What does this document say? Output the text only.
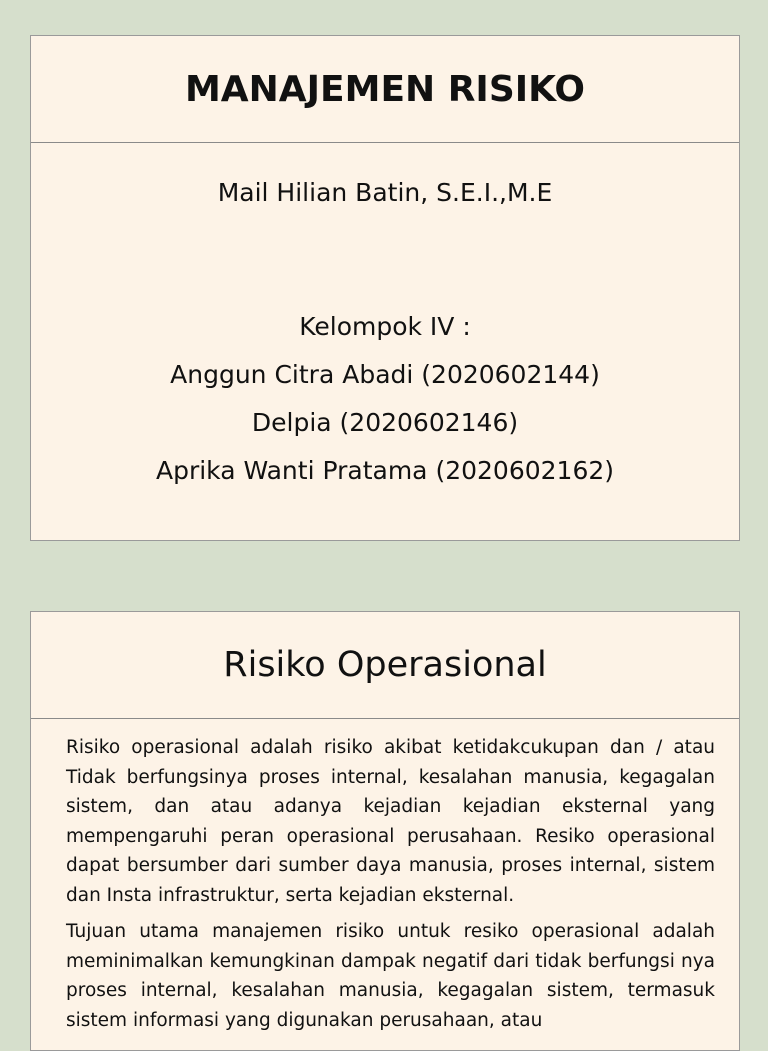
MANAJEMEN RISIKO
Mail Hilian Batin, S.E.I.,M.E
Kelompok IV :
Anggun Citra Abadi (2020602144)
Delpia (2020602146)
Aprika Wanti Pratama (2020602162)
Risiko Operasional

Risiko operasional adalah risiko akibat ketidakcukupan dan / atau Tidak berfungsinya proses internal, kesalahan manusia, kegagalan sistem, dan atau adanya kejadian kejadian eksternal yang mempengaruhi peran operasional perusahaan. Resiko operasional dapat bersumber dari sumber daya manusia, proses internal, sistem dan Insta infrastruktur, serta kejadian eksternal.

Tujuan utama manajemen risiko untuk resiko operasional adalah meminimalkan kemungkinan dampak negatif dari tidak berfungsi nya proses internal, kesalahan manusia, kegagalan sistem, termasuk sistem informasi yang digunakan perusahaan, atau
